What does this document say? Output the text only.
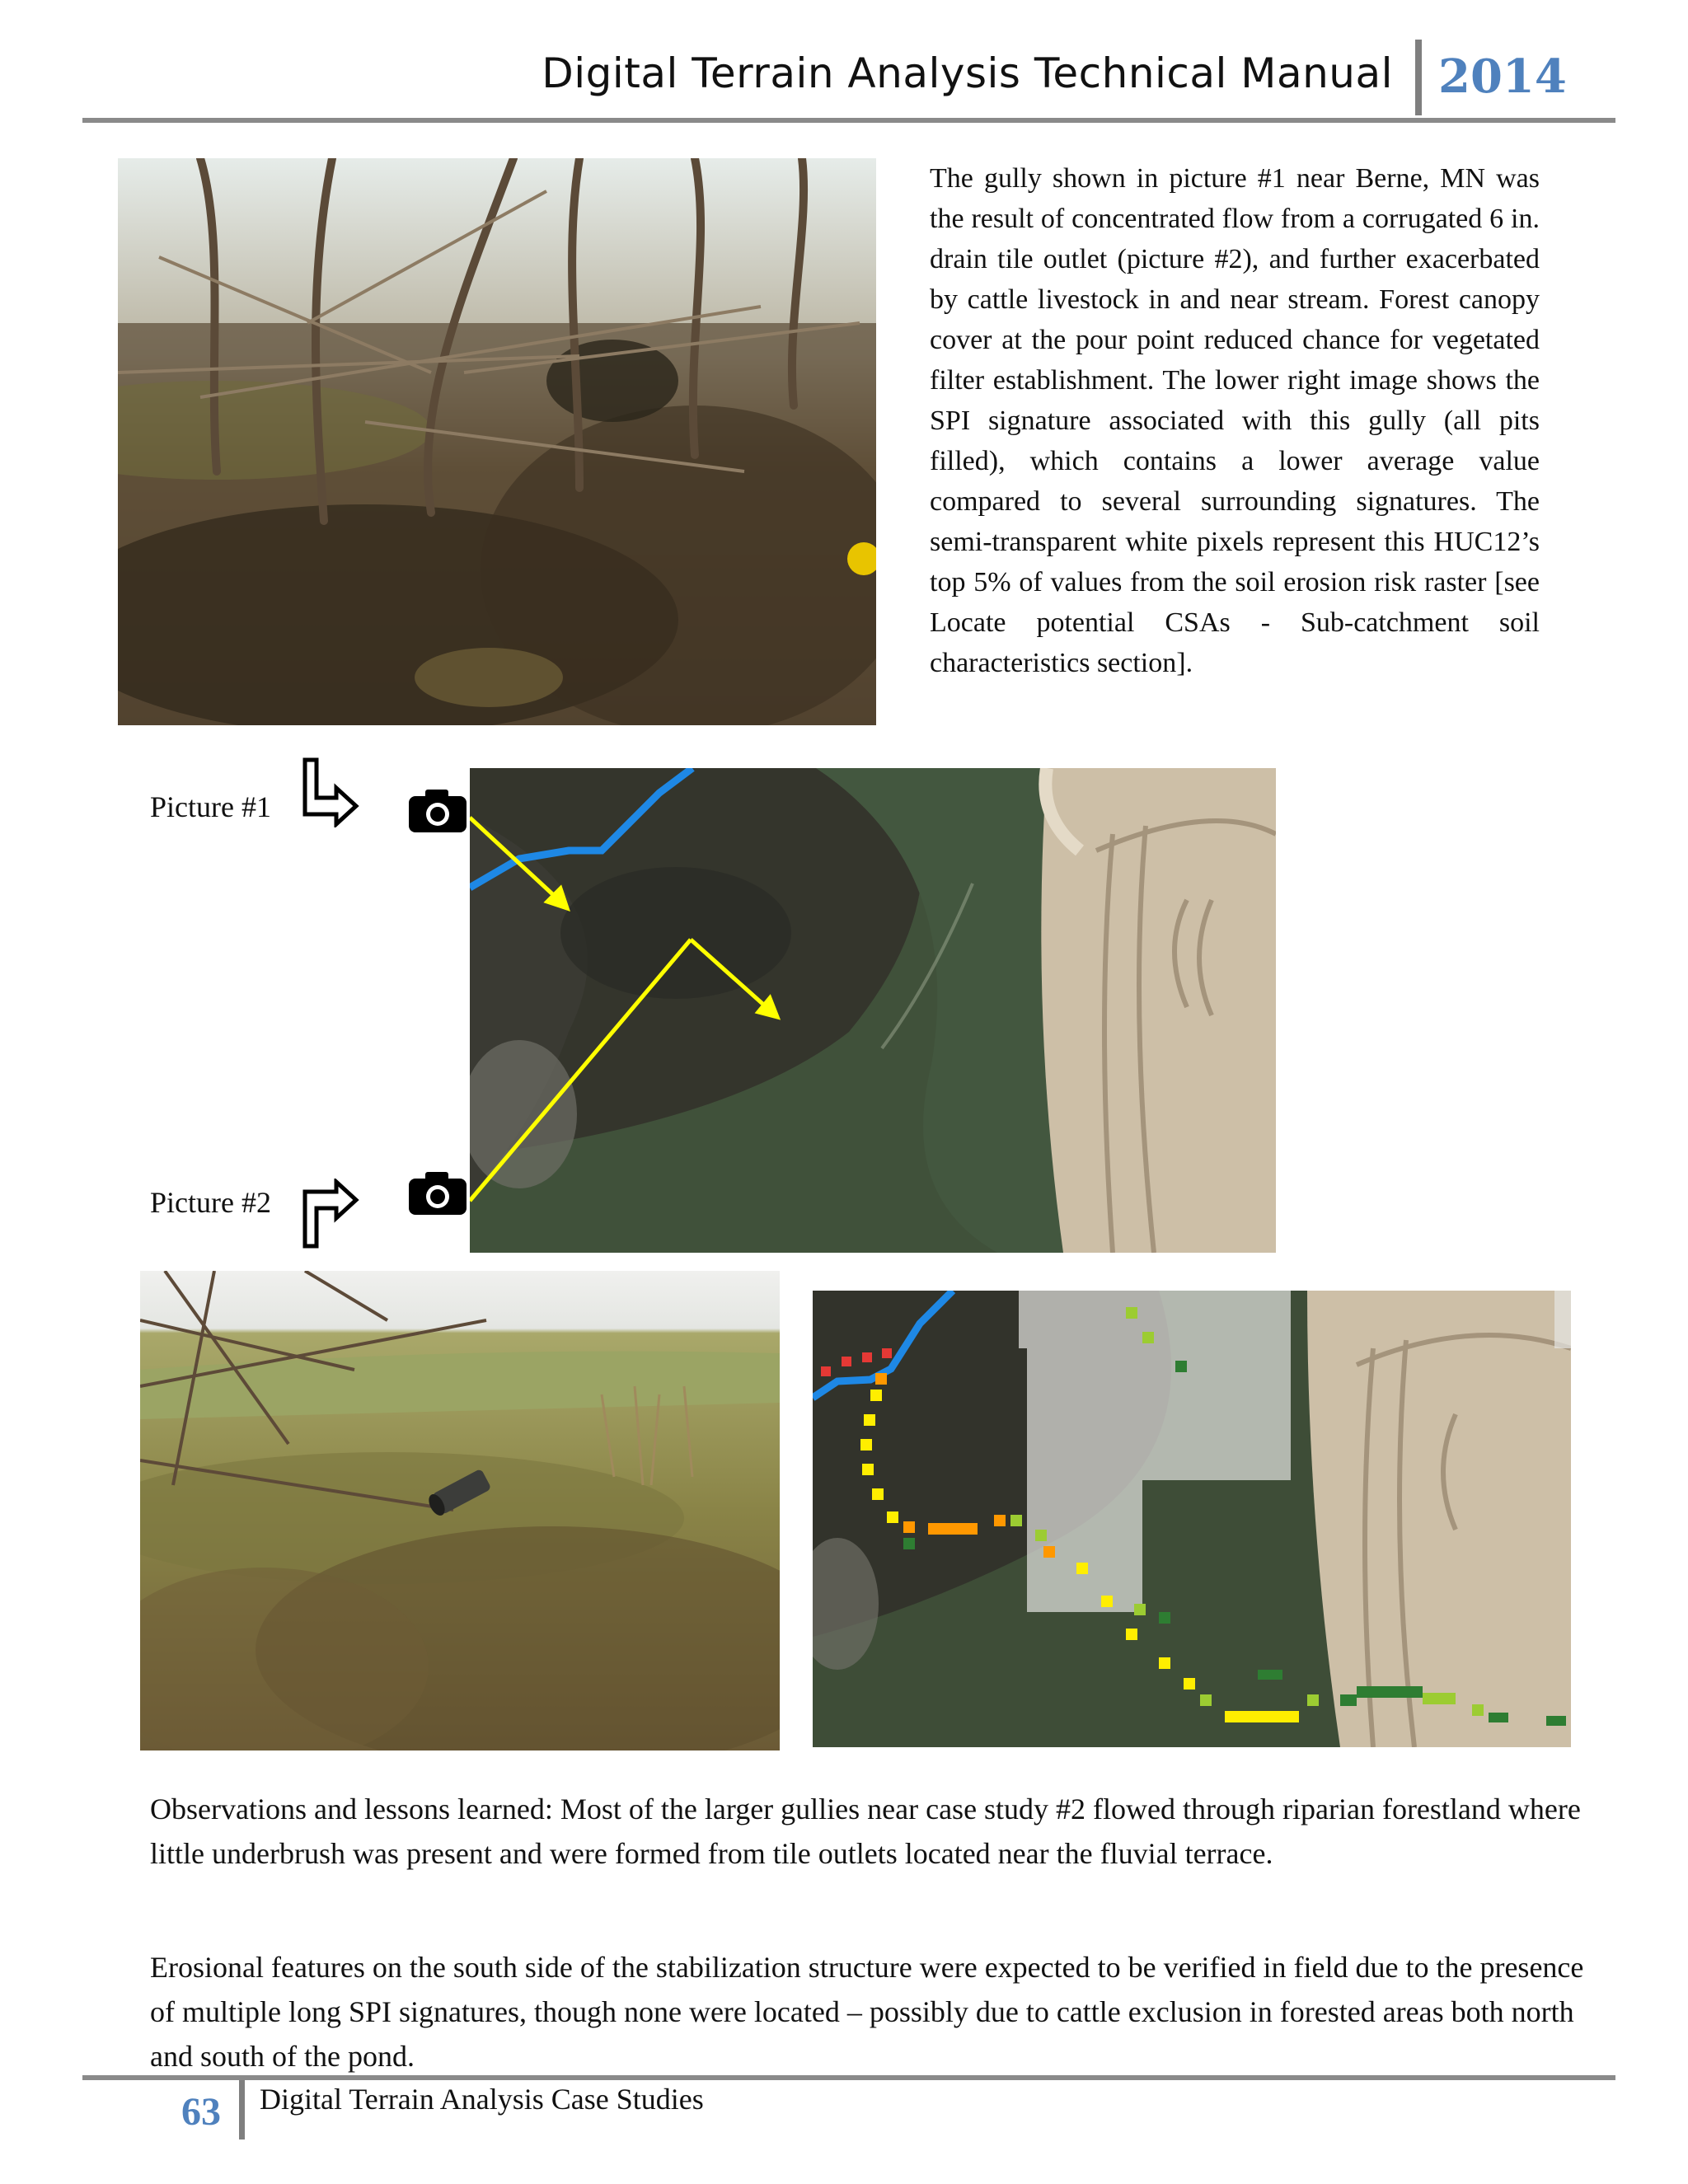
Digital Terrain Analysis Technical Manual 2014
The gully shown in picture #1 near Berne, MN was the result of concentrated flow from a corrugated 6 in. drain tile outlet (picture #2), and further exacerbated by cattle livestock in and near stream. Forest canopy cover at the pour point reduced chance for vegetated filter establishment. The lower right image shows the SPI signature associated with this gully (all pits filled), which contains a lower average value compared to several surrounding signatures. The semi-transparent white pixels represent this HUC12’s top 5% of values from the soil erosion risk raster [see Locate potential CSAs - Sub-catchment soil characteristics section].
Picture #1
Picture #2
Observations and lessons learned: Most of the larger gullies near case study #2 flowed through riparian forestland where little underbrush was present and were formed from tile outlets located near the fluvial terrace.
Erosional features on the south side of the stabilization structure were expected to be verified in field due to the presence of multiple long SPI signatures, though none were located – possibly due to cattle exclusion in forested areas both north and south of the pond.
63 Digital Terrain Analysis Case Studies
